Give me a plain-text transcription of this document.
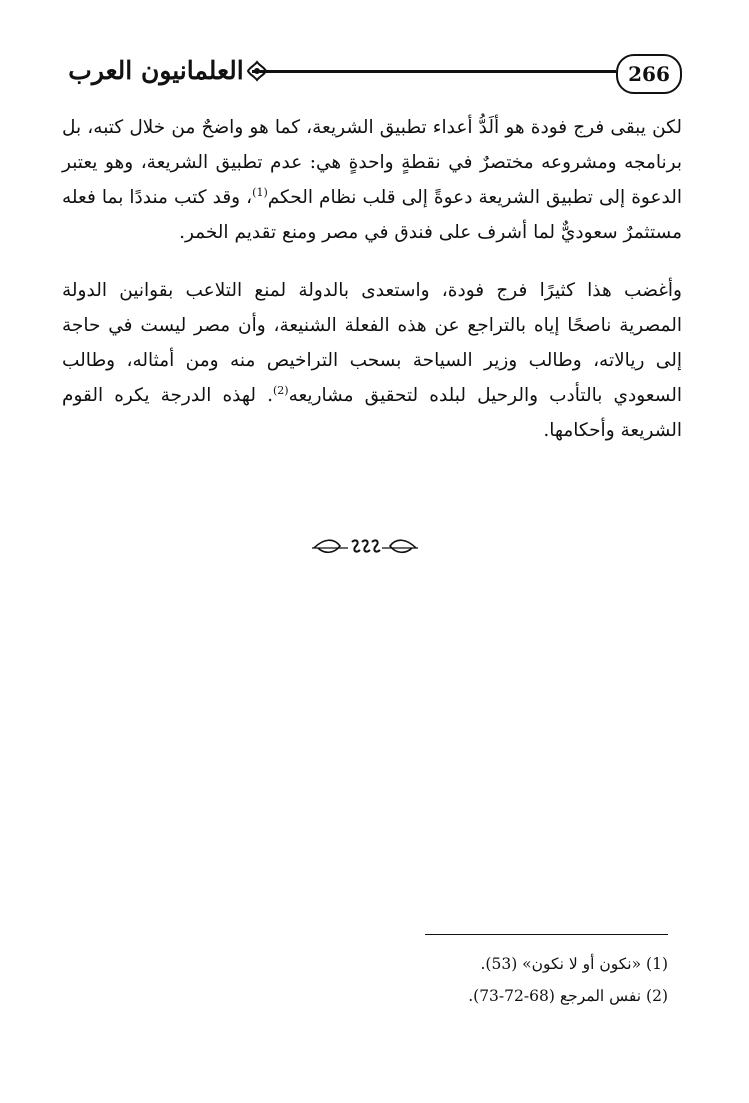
العلمانيون العرب	266

لكن يبقى فرج فودة هو ألَدُّ أعداء تطبيق الشريعة، كما هو واضحٌ من خلال كتبه، بل برنامجه ومشروعه مختصرٌ في نقطةٍ واحدةٍ هي: عدم تطبيق الشريعة، وهو يعتبر الدعوة إلى تطبيق الشريعة دعوةً إلى قلب نظام الحكم$^{(1)}$، وقد كتب منددًا بما فعله مستثمرٌ سعوديٌّ لما أشرف على فندق في مصر ومنع تقديم الخمر.

وأغضب هذا كثيرًا فرج فودة، واستعدى بالدولة لمنع التلاعب بقوانين الدولة المصرية ناصحًا إياه بالتراجع عن هذه الفعلة الشنيعة، وأن مصر ليست في حاجة إلى ريالاته، وطالب وزير السياحة بسحب التراخيص منه ومن أمثاله، وطالب السعودي بالتأدب والرحيل لبلده لتحقيق مشاريعه$^{(2)}$. لهذه الدرجة يكره القوم الشريعة وأحكامها.

(1) «نكون أو لا نكون» (53).

(2) نفس المرجع (68-72-73).
